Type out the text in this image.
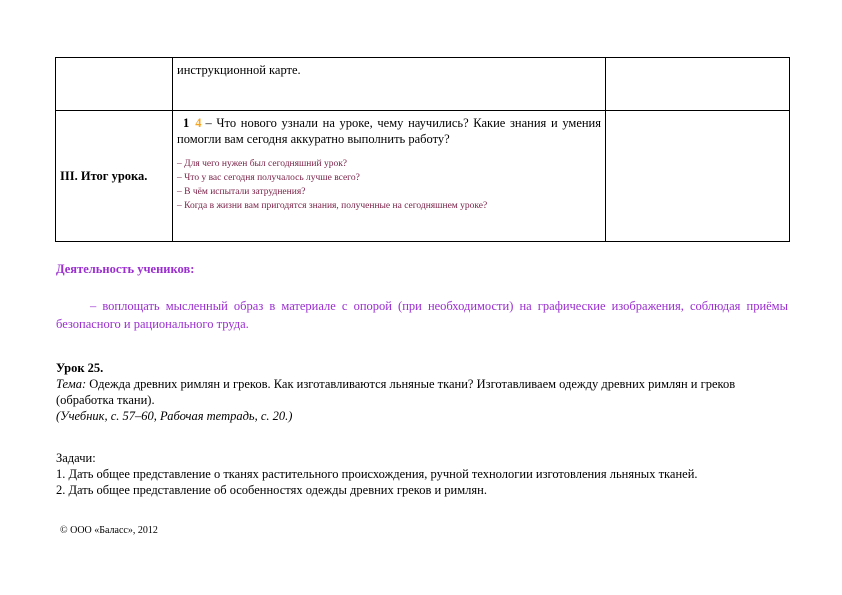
	инструкционной карте.	

III. Итог урока.	1 4 – Что нового узнали на уроке, чему научились? Какие знания и умения помогли вам сегодня аккуратно выполнить работу?
– Для чего нужен был сегодняшний урок?
– Что у вас сегодня получалось лучше всего?
– В чём испытали затруднения?
– Когда в жизни вам пригодятся знания, полученные на сегодняшнем уроке?	

Деятельность учеников:
– воплощать мысленный образ в материале с опорой (при необходимости) на графические изображения, соблюдая приёмы безопасного и рационального труда.
Урок 25.
Тема: Одежда древних римлян и греков. Как изготавливаются льняные ткани? Изготавливаем одежду древних римлян и греков (обработка ткани).
(Учебник, с. 57–60, Рабочая тетрадь, с. 20.)
Задачи:
1. Дать общее представление о тканях растительного происхождения, ручной технологии изготовления льняных тканей.
2. Дать общее представление об особенностях одежды древних греков и римлян.
© ООО «Баласс», 2012
